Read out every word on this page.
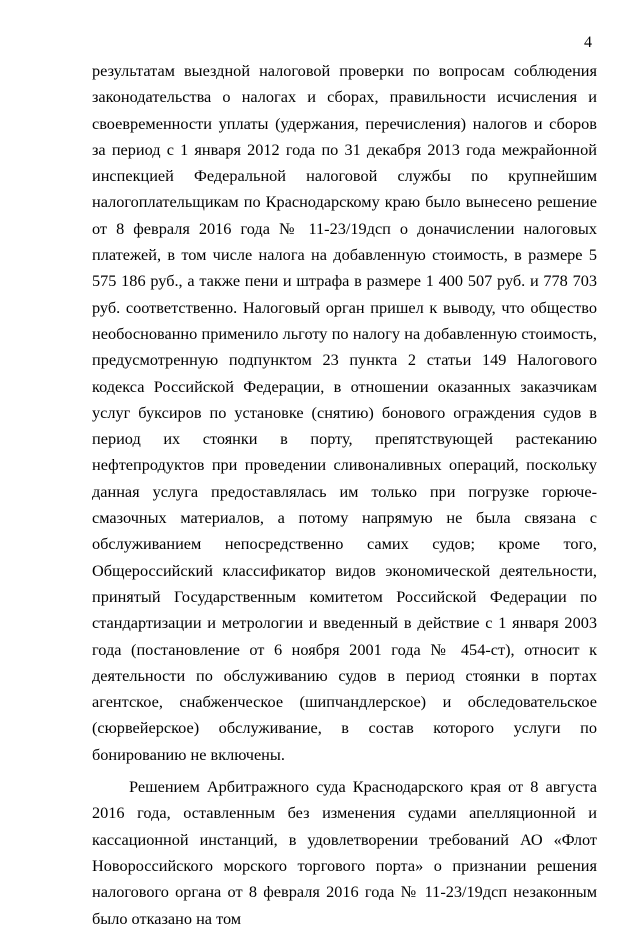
4

результатам выездной налоговой проверки по вопросам соблюдения законодательства о налогах и сборах, правильности исчисления и своевременности уплаты (удержания, перечисления) налогов и сборов за период с 1 января 2012 года по 31 декабря 2013 года межрайонной инспекцией Федеральной налоговой службы по крупнейшим налогоплательщикам по Краснодарскому краю было вынесено решение от 8 февраля 2016 года № 11-23/19дсп о доначислении налоговых платежей, в том числе налога на добавленную стоимость, в размере 5 575 186 руб., а также пени и штрафа в размере 1 400 507 руб. и 778 703 руб. соответственно. Налоговый орган пришел к выводу, что общество необоснованно применило льготу по налогу на добавленную стоимость, предусмотренную подпунктом 23 пункта 2 статьи 149 Налогового кодекса Российской Федерации, в отношении оказанных заказчикам услуг буксиров по установке (снятию) бонового ограждения судов в период их стоянки в порту, препятствующей растеканию нефтепродуктов при проведении сливоналивных операций, поскольку данная услуга предоставлялась им только при погрузке горюче-смазочных материалов, а потому напрямую не была связана с обслуживанием непосредственно самих судов; кроме того, Общероссийский классификатор видов экономической деятельности, принятый Государственным комитетом Российской Федерации по стандартизации и метрологии и введенный в действие с 1 января 2003 года (постановление от 6 ноября 2001 года № 454-ст), относит к деятельности по обслуживанию судов в период стоянки в портах агентское, снабженческое (шипчандлерское) и обследовательское (сюрвейерское) обслуживание, в состав которого услуги по бонированию не включены.

Решением Арбитражного суда Краснодарского края от 8 августа 2016 года, оставленным без изменения судами апелляционной и кассационной инстанций, в удовлетворении требований АО «Флот Новороссийского морского торгового порта» о признании решения налогового органа от 8 февраля 2016 года № 11-23/19дсп незаконным было отказано на том
